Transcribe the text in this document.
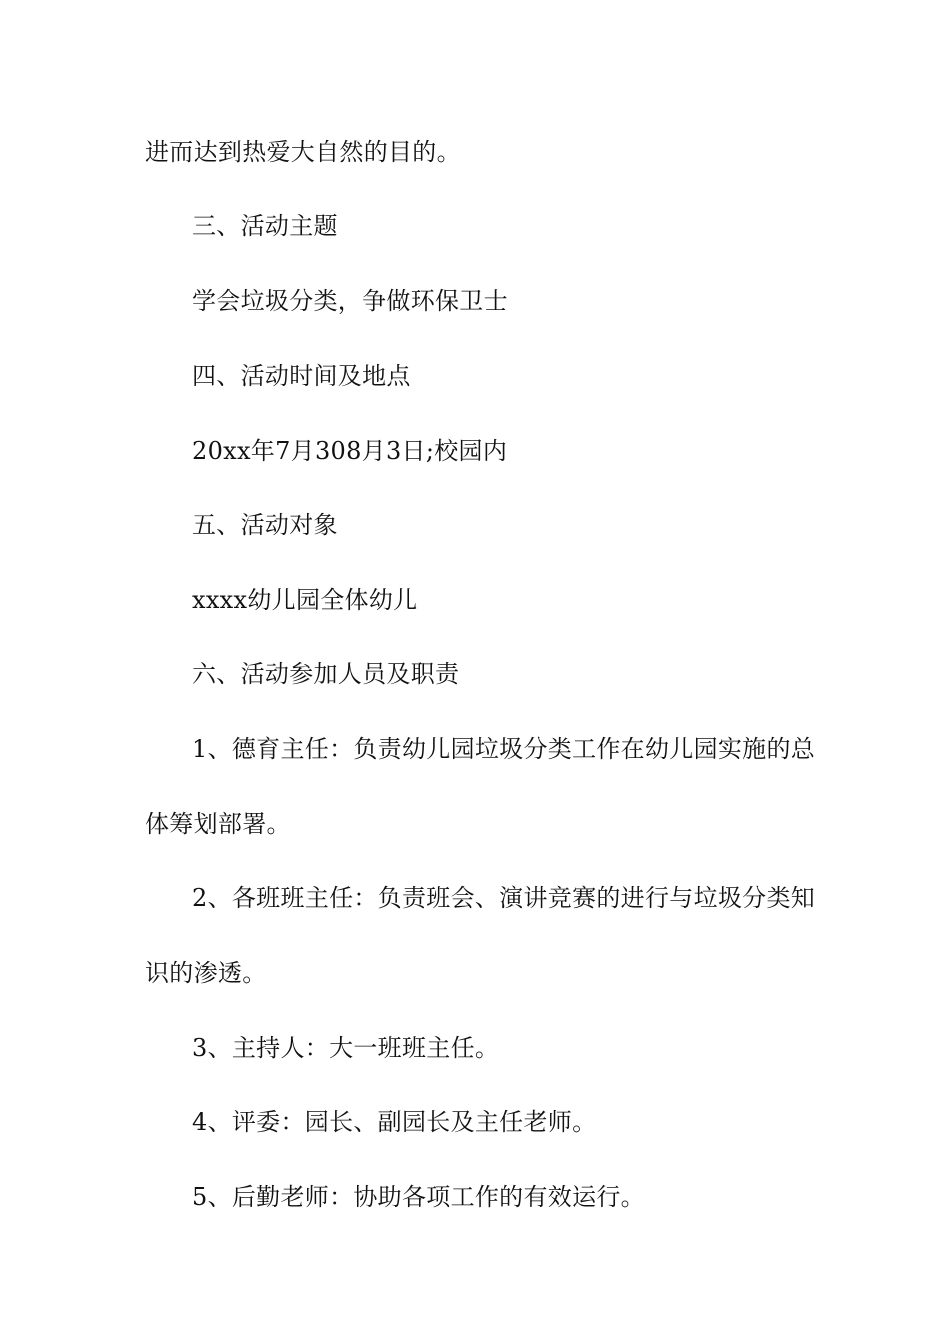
进而达到热爱大自然的目的。
三、活动主题
学会垃圾分类，争做环保卫士
四、活动时间及地点
20xx年7月308月3日;校园内
五、活动对象
xxxx幼儿园全体幼儿
六、活动参加人员及职责
1、德育主任：负责幼儿园垃圾分类工作在幼儿园实施的总
体筹划部署。
2、各班班主任：负责班会、演讲竞赛的进行与垃圾分类知
识的渗透。
3、主持人：大一班班主任。
4、评委：园长、副园长及主任老师。
5、后勤老师：协助各项工作的有效运行。
